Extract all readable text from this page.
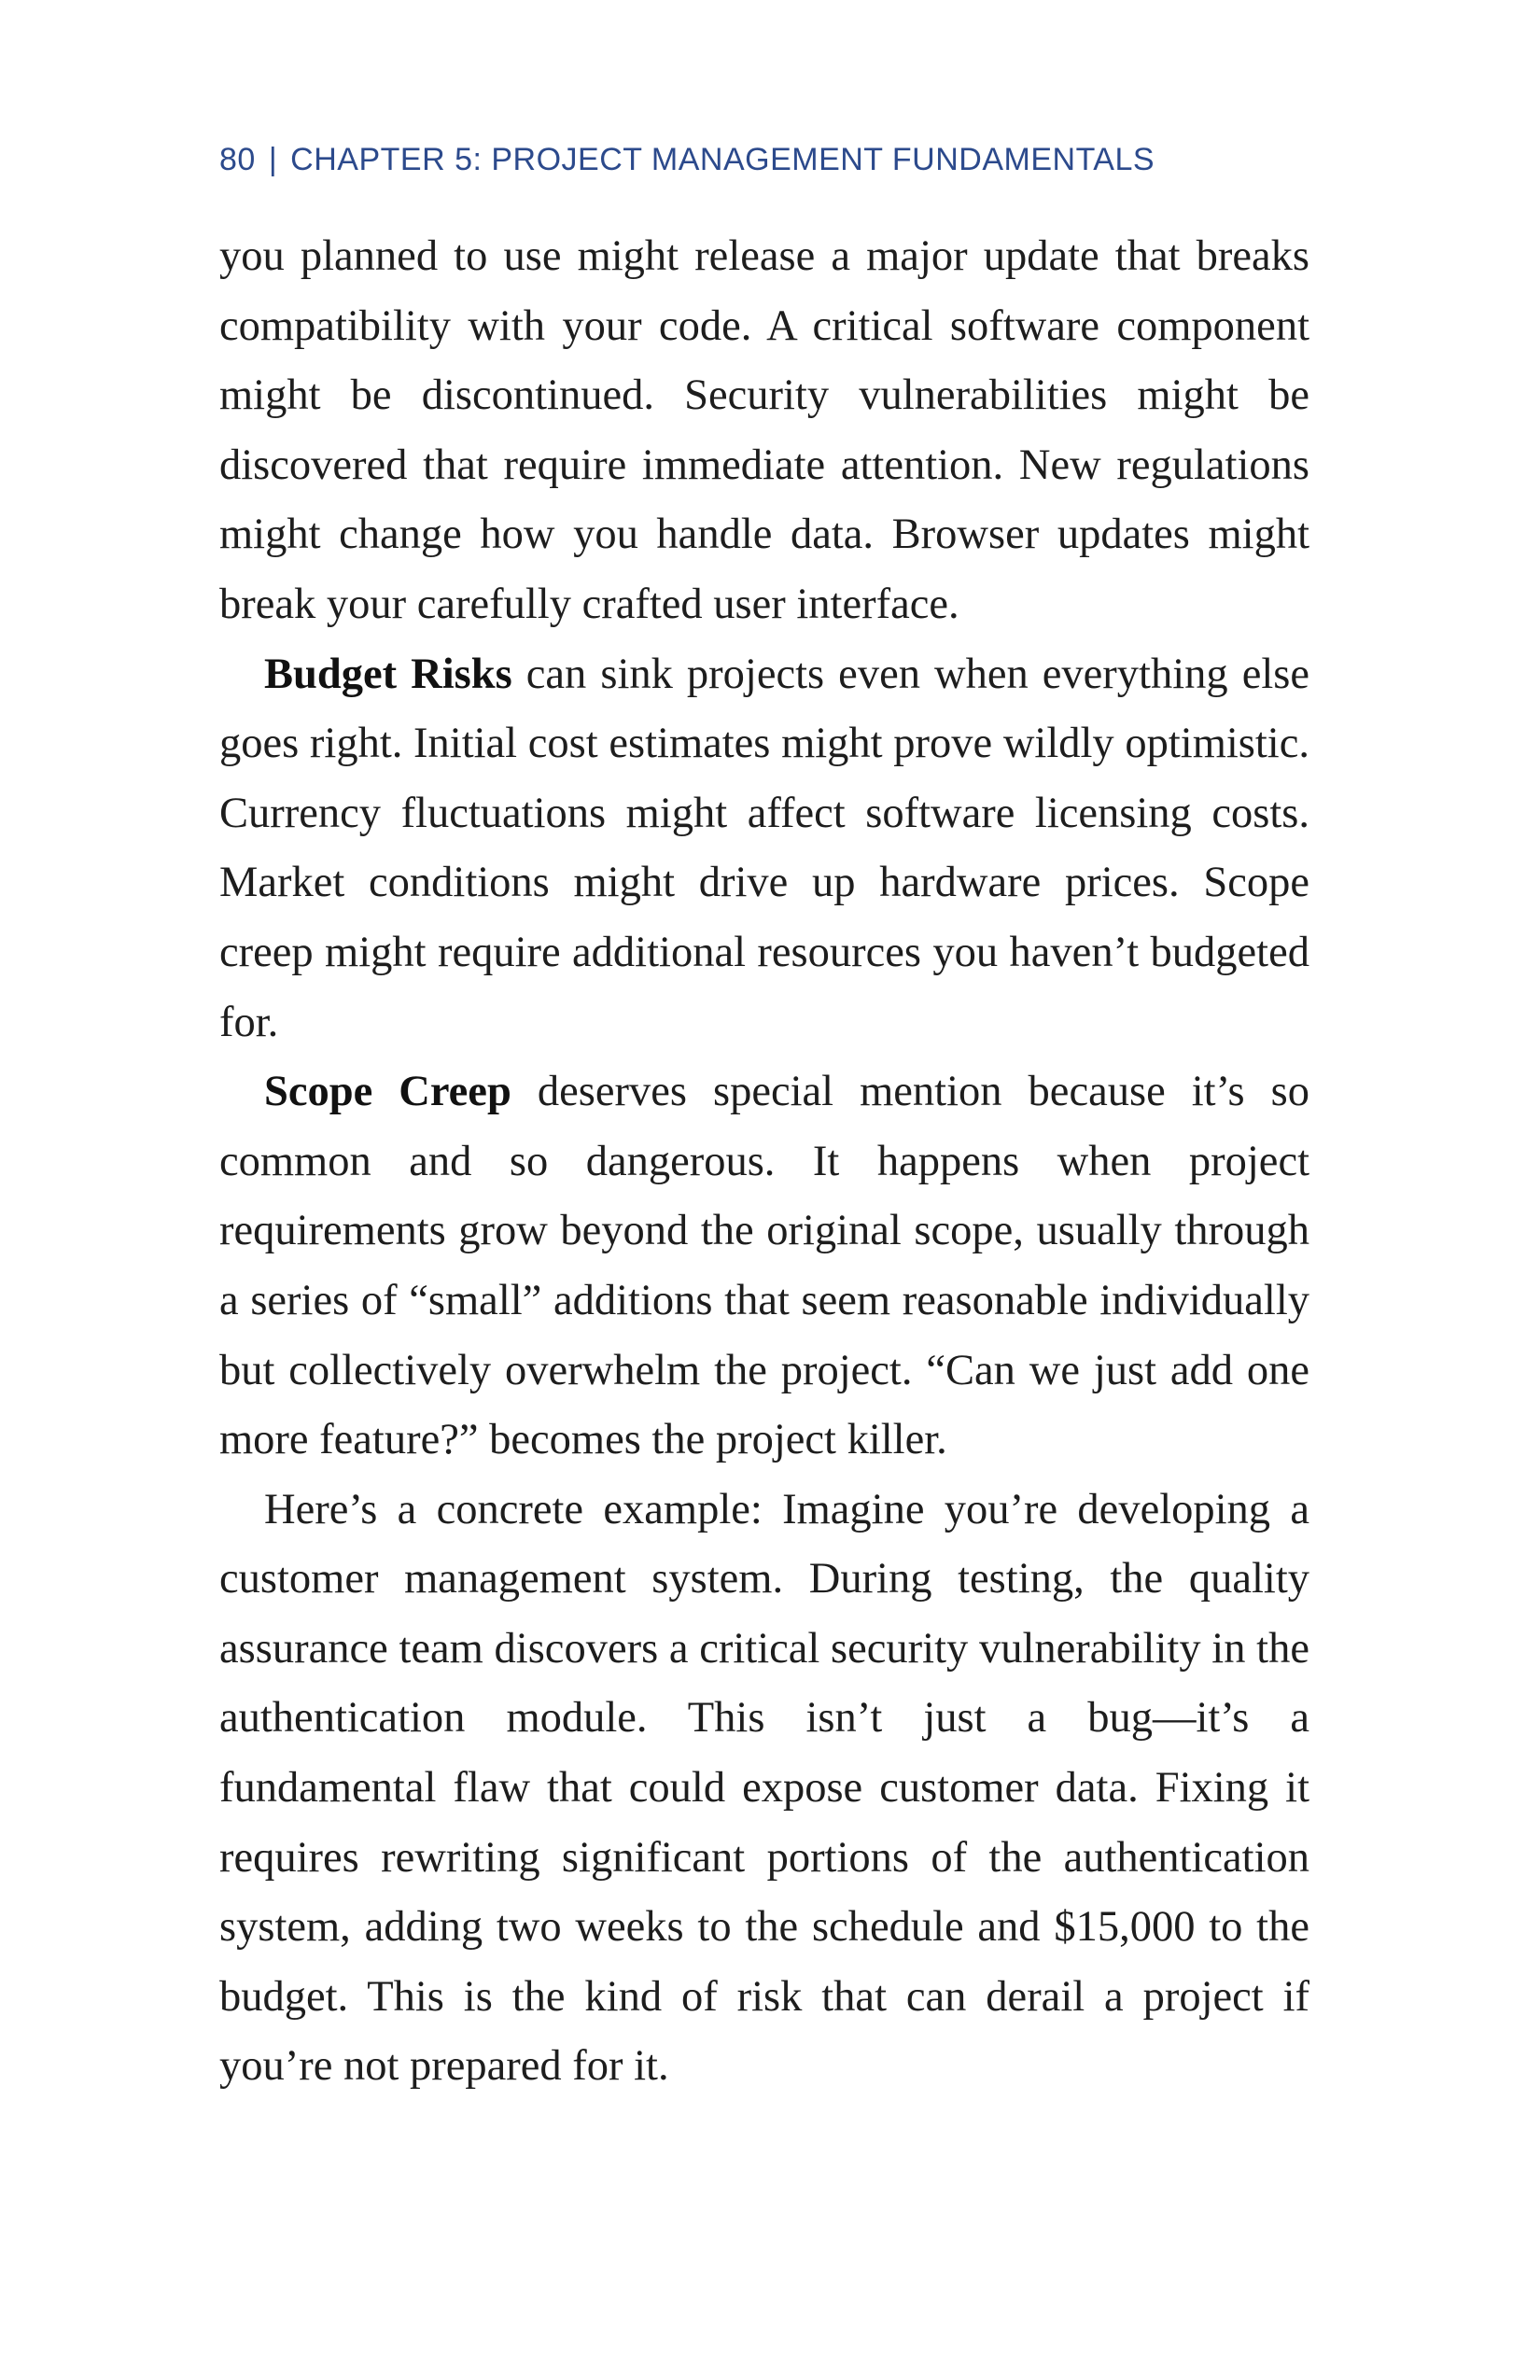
80 | CHAPTER 5: PROJECT MANAGEMENT FUNDAMENTALS

you planned to use might release a major update that breaks compatibility with your code. A critical software component might be discontinued. Security vulnerabilities might be discovered that require immediate attention. New regulations might change how you handle data. Browser updates might break your carefully crafted user interface.

Budget Risks can sink projects even when everything else goes right. Initial cost estimates might prove wildly optimistic. Currency fluctuations might affect software licensing costs. Market conditions might drive up hardware prices. Scope creep might require additional resources you haven’t budgeted for.

Scope Creep deserves special mention because it’s so common and so dangerous. It happens when project requirements grow beyond the original scope, usually through a series of “small” additions that seem reasonable individually but collectively overwhelm the project. “Can we just add one more feature?” becomes the project killer.

Here’s a concrete example: Imagine you’re developing a customer management system. During testing, the quality assurance team discovers a critical security vulnerability in the authentication module. This isn’t just a bug—it’s a fundamental flaw that could expose customer data. Fixing it requires rewriting significant portions of the authentication system, adding two weeks to the schedule and $15,000 to the budget. This is the kind of risk that can derail a project if you’re not prepared for it.
